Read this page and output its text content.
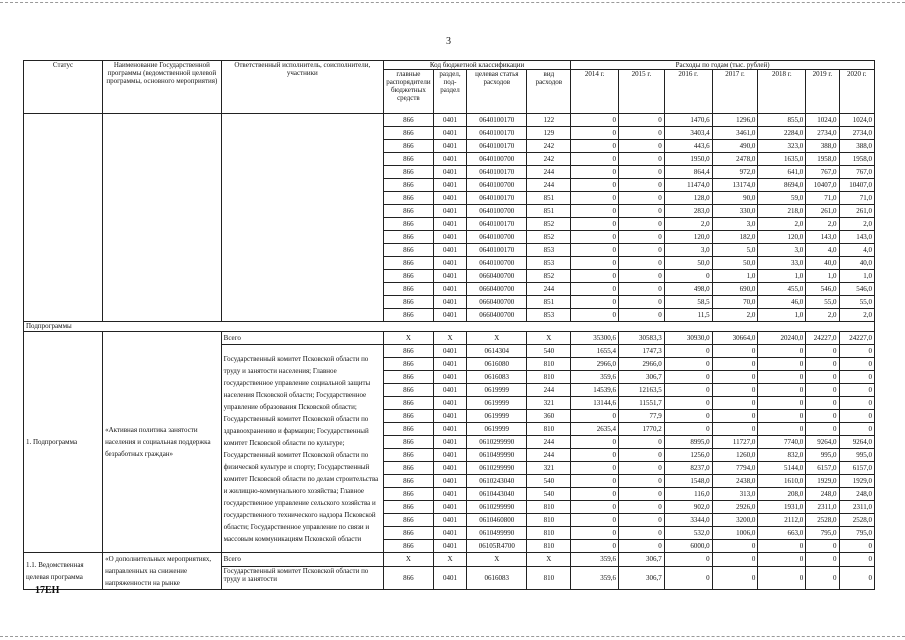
3
Статус	Наименование Государственной программы (ведомственной целевой программы, основного мероприятия)	Ответственный исполнитель, соисполнители, участники	Код бюджетной классификации				Расходы по годам (тыс. рублей)						
			главные распорядители бюджетных средств	раздел, под-раздел	целевая статья расходов	вид расходов	2014 г.	2015 г.	2016 г.	2017 г.	2018 г.	2019 г.	2020 г.
			866	0401	0640100170	122	0	0	1470,6	1296,0	855,0	1024,0	1024,0
			866	0401	0640100170	129	0	0	3403,4	3461,0	2284,0	2734,0	2734,0
			866	0401	0640100170	242	0	0	443,6	490,0	323,0	388,0	388,0
			866	0401	0640100700	242	0	0	1950,0	2478,0	1635,0	1958,0	1958,0
			866	0401	0640100170	244	0	0	864,4	972,0	641,0	767,0	767,0
			866	0401	0640100700	244	0	0	11474,0	13174,0	8694,0	10407,0	10407,0
			866	0401	0640100170	851	0	0	128,0	90,0	59,0	71,0	71,0
			866	0401	0640100700	851	0	0	283,0	330,0	218,0	261,0	261,0
			866	0401	0640100170	852	0	0	2,0	3,0	2,0	2,0	2,0
			866	0401	0640100700	852	0	0	120,0	182,0	120,0	143,0	143,0
			866	0401	0640100170	853	0	0	3,0	5,0	3,0	4,0	4,0
			866	0401	0640100700	853	0	0	50,0	50,0	33,0	40,0	40,0
			866	0401	0660400700	852	0	0	0	1,0	1,0	1,0	1,0
			866	0401	0660400700	244	0	0	498,0	690,0	455,0	546,0	546,0
			866	0401	0660400700	851	0	0	58,5	70,0	46,0	55,0	55,0
			866	0401	0660400700	853	0	0	11,5	2,0	1,0	2,0	2,0
Подпрограммы													
1. Подпрограмма	«Активная политика занятости населения и социальная поддержка безработных граждан»	Всего	X	X	X	X	35300,6	30583,3	30930,0	30664,0	20240,0	24227,0	24227,0
		Государственный комитет Псковской области по труду и занятости населения; Главное государственное управление социальной защиты населения Псковской области; Государственное управление образования Псковской области; Государственный комитет Псковской области по здравоохранению и фармации; Государственный комитет Псковской области по культуре; Государственный комитет Псковской области по физической культуре и спорту; Государственный комитет Псковской области по делам строительства и жилищно-коммунального хозяйства; Главное государственное управление сельского хозяйства и государственного технического надзора Псковской области; Государственное управление по связи и массовым коммуникациям Псковской области	866	0401	0614304	540	1655,4	1747,3	0	0	0	0	0
			866	0401	0616080	810	2966,0	2966,0	0	0	0	0	0
			866	0401	0616083	810	359,6	306,7	0	0	0	0	0
			866	0401	0619999	244	14539,6	12163,5	0	0	0	0	0
			866	0401	0619999	321	13144,6	11551,7	0	0	0	0	0
			866	0401	0619999	360	0	77,9	0	0	0	0	0
			866	0401	0619999	810	2635,4	1770,2	0	0	0	0	0
			866	0401	0610299990	244	0	0	8995,0	11727,0	7740,0	9264,0	9264,0
			866	0401	0610499990	244	0	0	1256,0	1260,0	832,0	995,0	995,0
			866	0401	0610299990	321	0	0	8237,0	7794,0	5144,0	6157,0	6157,0
			866	0401	0610243040	540	0	0	1548,0	2438,0	1610,0	1929,0	1929,0
			866	0401	0610443040	540	0	0	116,0	313,0	208,0	248,0	248,0
			866	0401	0610299990	810	0	0	902,0	2926,0	1931,0	2311,0	2311,0
			866	0401	0610460800	810	0	0	3344,0	3200,0	2112,0	2528,0	2528,0
			866	0401	0610499990	810	0	0	532,0	1006,0	663,0	795,0	795,0
			866	0401	06105R4700	810	0	0	6000,0	0	0	0	0
1.1. Ведомственная целевая программа	«О дополнительных мероприятиях, направленных на снижение напряженности на рынке	Всего	X	X	X	X	359,6	306,7	0	0	0	0	0
		Государственный комитет Псковской области по труду и занятости	866	0401	0616083	810	359,6	306,7	0	0	0	0	0
17ЕН
